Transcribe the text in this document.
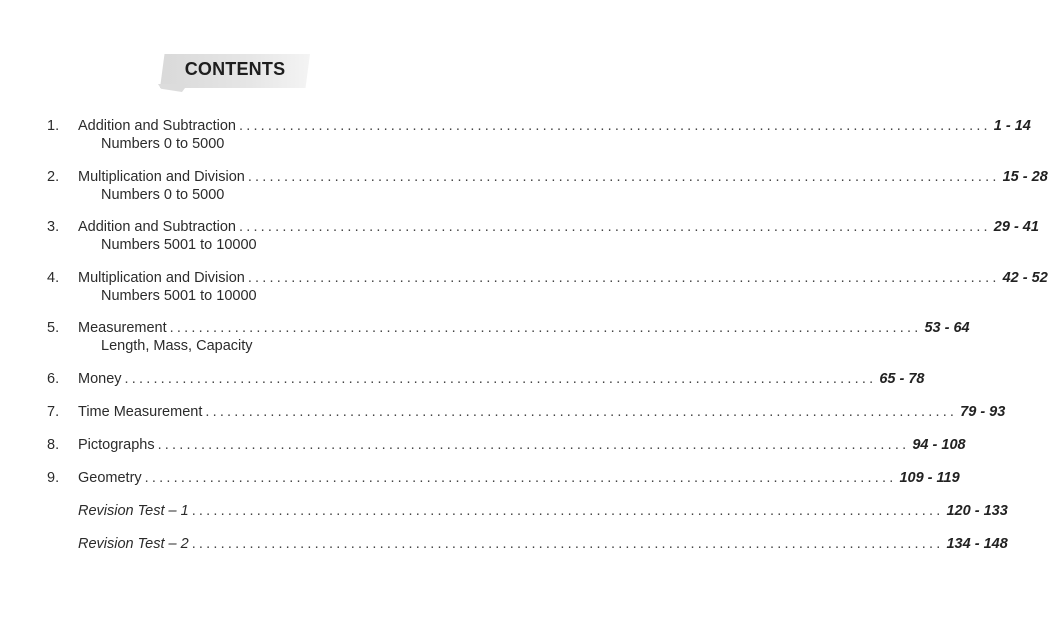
CONTENTS
1. Addition and Subtraction ........................................................................................................ 1 - 14
Numbers 0 to 5000
2. Multiplication and Division ........................................................................................................ 15 - 28
Numbers 0 to 5000
3. Addition and Subtraction ........................................................................................................ 29 - 41
Numbers 5001 to 10000
4. Multiplication and Division ........................................................................................................ 42 - 52
Numbers 5001 to 10000
5. Measurement ........................................................................................................ 53 - 64
Length, Mass, Capacity
6. Money ........................................................................................................ 65 - 78
7. Time Measurement ........................................................................................................ 79 - 93
8. Pictographs ........................................................................................................ 94 - 108
9. Geometry ........................................................................................................ 109 - 119
Revision Test – 1 ........................................................................................................ 120 - 133
Revision Test – 2 ........................................................................................................ 134 - 148
